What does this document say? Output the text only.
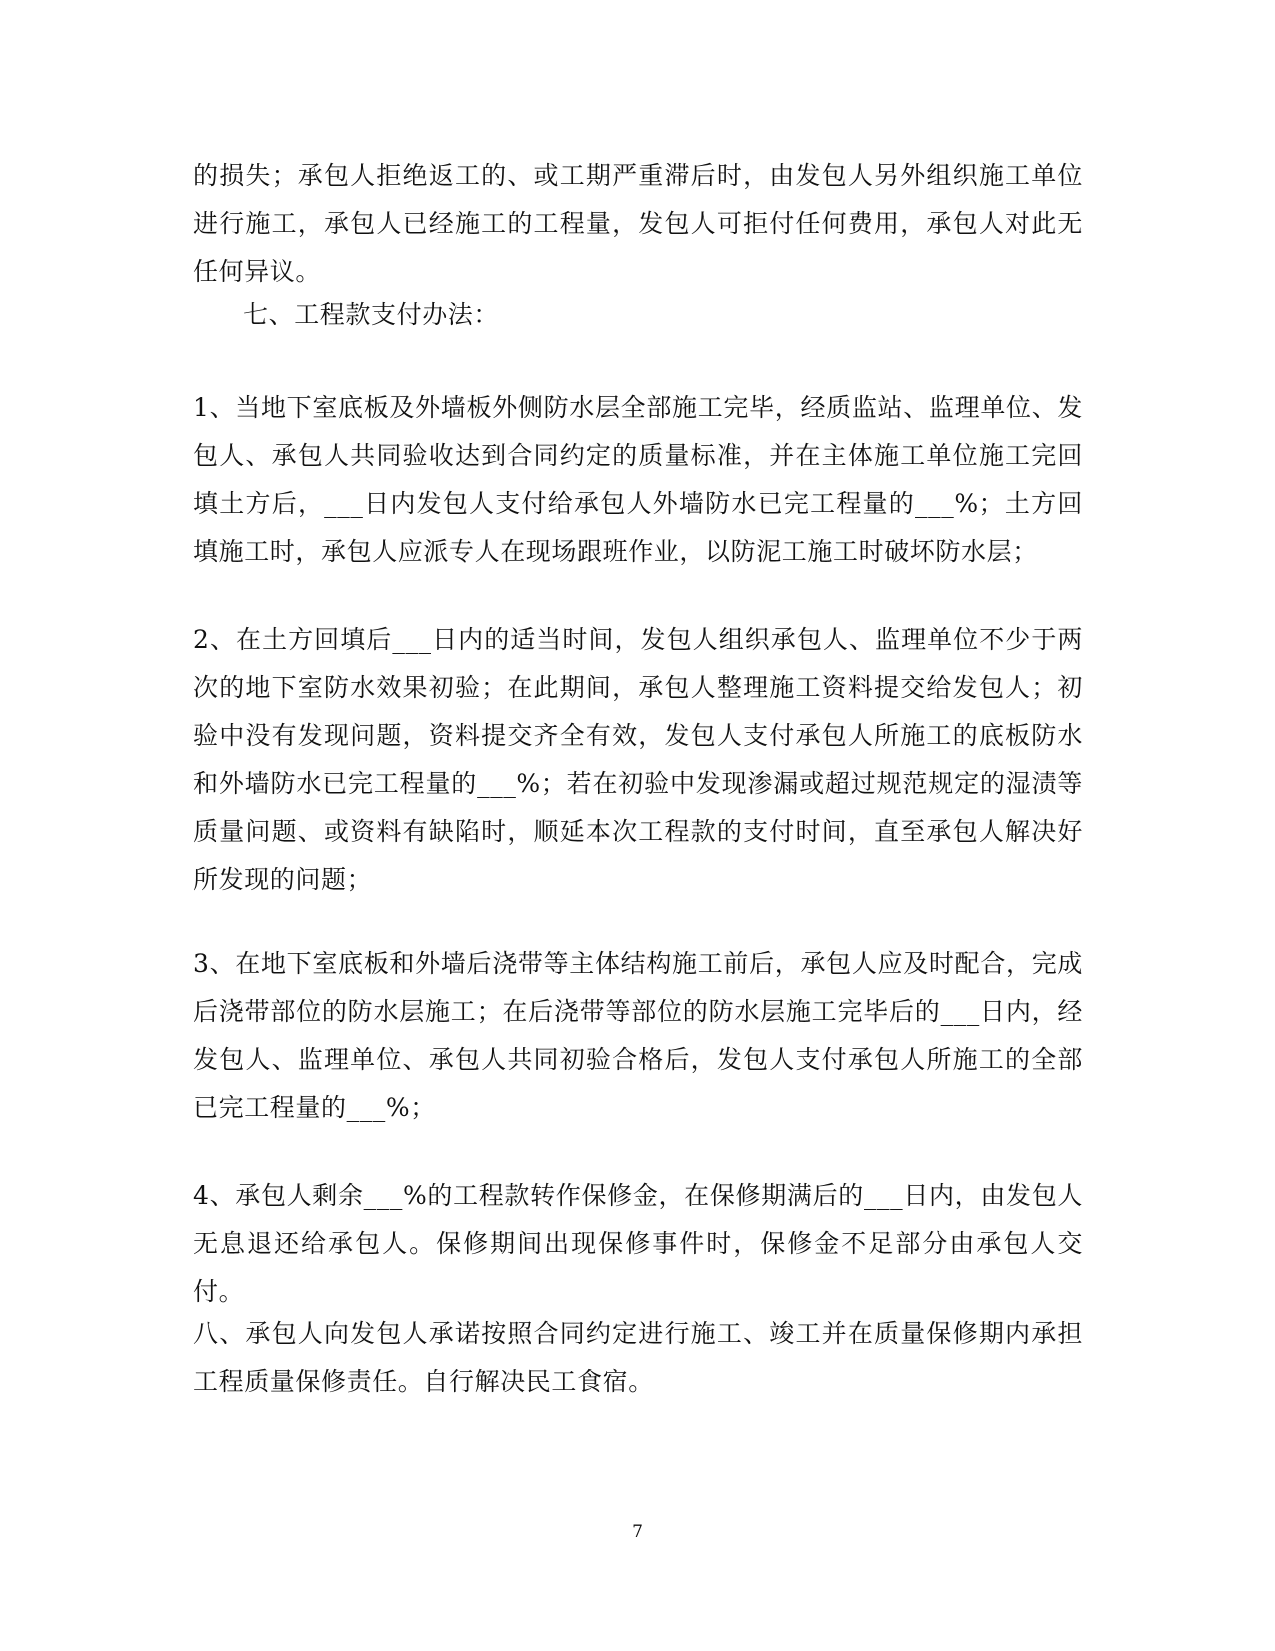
的损失；承包人拒绝返工的、或工期严重滞后时，由发包人另外组织施工单位进行施工，承包人已经施工的工程量，发包人可拒付任何费用，承包人对此无任何异议。
七、工程款支付办法：
1、当地下室底板及外墙板外侧防水层全部施工完毕，经质监站、监理单位、发包人、承包人共同验收达到合同约定的质量标准，并在主体施工单位施工完回填土方后，___日内发包人支付给承包人外墙防水已完工程量的___%；土方回填施工时，承包人应派专人在现场跟班作业，以防泥工施工时破坏防水层；
2、在土方回填后___日内的适当时间，发包人组织承包人、监理单位不少于两次的地下室防水效果初验；在此期间，承包人整理施工资料提交给发包人；初验中没有发现问题，资料提交齐全有效，发包人支付承包人所施工的底板防水和外墙防水已完工程量的___%；若在初验中发现渗漏或超过规范规定的湿渍等质量问题、或资料有缺陷时，顺延本次工程款的支付时间，直至承包人解决好所发现的问题；
3、在地下室底板和外墙后浇带等主体结构施工前后，承包人应及时配合，完成后浇带部位的防水层施工；在后浇带等部位的防水层施工完毕后的___日内，经发包人、监理单位、承包人共同初验合格后，发包人支付承包人所施工的全部已完工程量的___%；
4、承包人剩余___%的工程款转作保修金，在保修期满后的___日内，由发包人无息退还给承包人。保修期间出现保修事件时，保修金不足部分由承包人交付。
八、承包人向发包人承诺按照合同约定进行施工、竣工并在质量保修期内承担工程质量保修责任。自行解决民工食宿。
7
